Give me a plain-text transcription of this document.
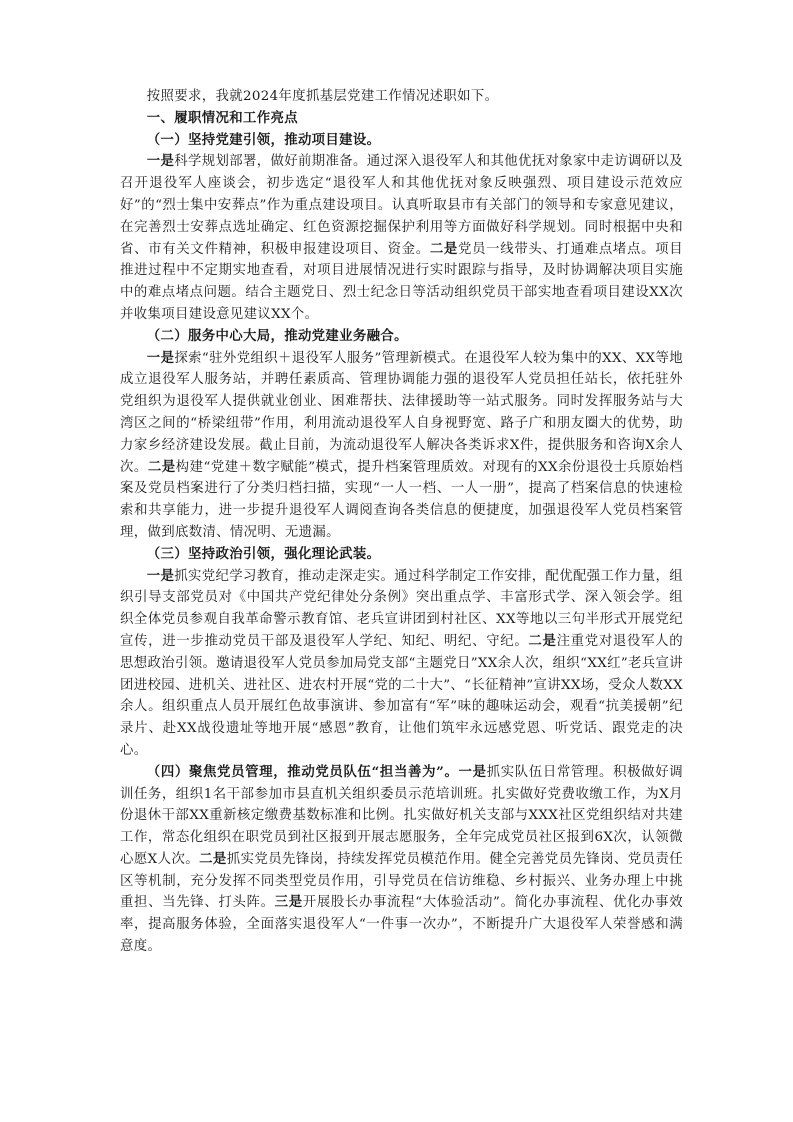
按照要求，我就2024年度抓基层党建工作情况述职如下。

一、履职情况和工作亮点

（一）坚持党建引领，推动项目建设。

一是科学规划部署，做好前期准备。通过深入退役军人和其他优抚对象家中走访调研以及召开退役军人座谈会，初步选定“退役军人和其他优抚对象反映强烈、项目建设示范效应好”的“烈士集中安葬点”作为重点建设项目。认真听取县市有关部门的领导和专家意见建议，在完善烈士安葬点选址确定、红色资源挖掘保护利用等方面做好科学规划。同时根据中央和省、市有关文件精神，积极申报建设项目、资金。二是党员一线带头、打通难点堵点。项目推进过程中不定期实地查看，对项目进展情况进行实时跟踪与指导，及时协调解决项目实施中的难点堵点问题。结合主题党日、烈士纪念日等活动组织党员干部实地查看项目建设XX次并收集项目建设意见建议XX个。

（二）服务中心大局，推动党建业务融合。

一是探索“驻外党组织＋退役军人服务”管理新模式。在退役军人较为集中的XX、XX等地成立退役军人服务站，并聘任素质高、管理协调能力强的退役军人党员担任站长，依托驻外党组织为退役军人提供就业创业、困难帮扶、法律援助等一站式服务。同时发挥服务站与大湾区之间的“桥梁纽带”作用，利用流动退役军人自身视野宽、路子广和朋友圈大的优势，助力家乡经济建设发展。截止目前，为流动退役军人解决各类诉求X件，提供服务和咨询X余人次。二是构建“党建＋数字赋能”模式，提升档案管理质效。对现有的XX余份退役士兵原始档案及党员档案进行了分类归档扫描，实现“一人一档、一人一册”，提高了档案信息的快速检索和共享能力，进一步提升退役军人调阅查询各类信息的便捷度，加强退役军人党员档案管理，做到底数清、情况明、无遗漏。

（三）坚持政治引领，强化理论武装。

一是抓实党纪学习教育，推动走深走实。通过科学制定工作安排，配优配强工作力量，组织引导支部党员对《中国共产党纪律处分条例》突出重点学、丰富形式学、深入领会学。组织全体党员参观自我革命警示教育馆、老兵宣讲团到村社区、XX等地以三句半形式开展党纪宣传，进一步推动党员干部及退役军人学纪、知纪、明纪、守纪。二是注重党对退役军人的思想政治引领。邀请退役军人党员参加局党支部“主题党日”XX余人次，组织“XX红”老兵宣讲团进校园、进机关、进社区、进农村开展“党的二十大”、“长征精神”宣讲XX场，受众人数XX余人。组织重点人员开展红色故事演讲、参加富有“军”味的趣味运动会，观看“抗美援朝”纪录片、赴XX战役遗址等地开展“感恩”教育，让他们筑牢永远感党恩、听党话、跟党走的决心。

（四）聚焦党员管理，推动党员队伍“担当善为”。一是抓实队伍日常管理。积极做好调训任务，组织1名干部参加市县直机关组织委员示范培训班。扎实做好党费收缴工作，为X月份退休干部XX重新核定缴费基数标准和比例。扎实做好机关支部与XXX社区党组织结对共建工作，常态化组织在职党员到社区报到开展志愿服务，全年完成党员社区报到6X次，认领微心愿X人次。二是抓实党员先锋岗，持续发挥党员模范作用。健全完善党员先锋岗、党员责任区等机制，充分发挥不同类型党员作用，引导党员在信访维稳、乡村振兴、业务办理上中挑重担、当先锋、打头阵。三是开展股长办事流程“大体验活动”。简化办事流程、优化办事效率，提高服务体验，全面落实退役军人“一件事一次办”，不断提升广大退役军人荣誉感和满意度。
